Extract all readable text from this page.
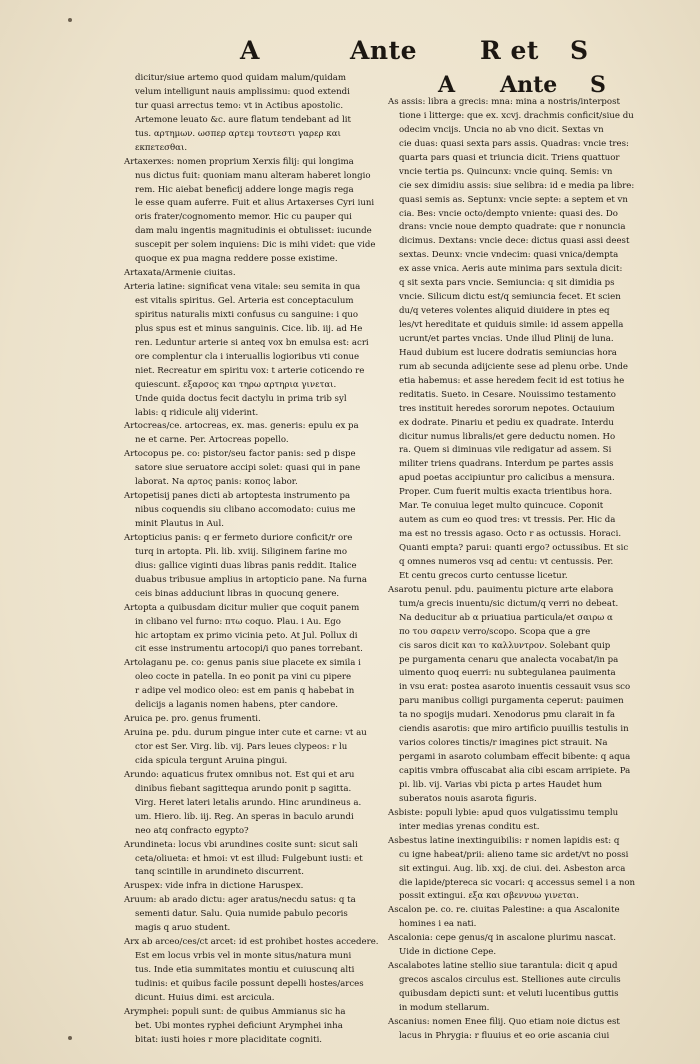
A	Ante	R et S
A Ante S
dicitur/siue artemo quod quidam malum/quidam
velum intelligunt nauis amplissimu: quod extendi
tur quasi arrectus temo: vt in Actibus apostolic.
Artemone leuato &c. aure flatum tendebant ad lit
tus. αρτημων. ωσπερ αρτεμ τουτεστι γαρερ και
εκπετεσθαι.
Artaxerxes: nomen proprium Xerxis filij: qui longima
nus dictus fuit: quoniam manu alteram haberet longio
rem. Hic aiebat beneficij addere longe magis rega
le esse quam auferre. Fuit et alius Artaxerses Cyri iuni
oris frater/cognomento memor. Hic cu pauper qui
dam malu ingentis magnitudinis ei obtulisset: iucunde
suscepit per solem inquiens: Dic is mihi videt: que vide
quoque ex pua magna reddere posse existime.
Artaxata/Armenie ciuitas.
Arteria latine: significat vena vitale: seu semita in qua
est vitalis spiritus. Gel. Arteria est conceptaculum
spiritus naturalis mixti confusus cu sanguine: i quo
plus spus est et minus sanguinis. Cice. lib. iij. ad He
ren. Leduntur arterie si anteq vox bn emulsa est: acri
ore complentur cla i interuallis logioribus vti conue
niet. Recreatur em spiritu vox: t arterie coticendo re
quiescunt. εξαρσος και τηρω αρτηρια γινεται.
Unde quida doctus fecit dactylu in prima trib syl
labis: q ridicule alij viderint.
Artocreas/ce. artocreas, ex. mas. generis: epulu ex pa
ne et carne. Per. Artocreas popello.
Artocopus pe. co: pistor/seu factor panis: sed p dispe
satore siue seruatore accipi solet: quasi qui in pane
laborat. Na αρτος panis: κοπος labor.
Artopetisij panes dicti ab artoptesta instrumento pa
nibus coquendis siu clibano accomodato: cuius me
minit Plautus in Aul.
Artopticius panis: q er fermeto duriore conficit/r ore
turq in artopta. Pli. lib. xviij. Siliginem farine mo
dius: gallice viginti duas libras panis reddit. Italice
duabus tribusue amplius in artopticio pane. Na furna
ceis binas adduciunt libras in quocunq genere.
Artopta a quibusdam dicitur mulier que coquit panem
in clibano vel furno: πτω coquo. Plau. i Au. Ego
hic artoptam ex primo vicinia peto. At Jul. Pollux di
cit esse instrumentu artocopi/i quo panes torrebant.
Artolaganu pe. co: genus panis siue placete ex simila i
oleo cocte in patella. In eo ponit pa vini cu pipere
r adipe vel modico oleo: est em panis q habebat in
delicijs a laganis nomen habens, pter candore.
Aruica pe. pro. genus frumenti.
Aruina pe. pdu. durum pingue inter cute et carne: vt au
ctor est Ser. Virg. lib. vij. Pars leues clypeos: r lu
cida spicula tergunt Aruina pingui.
Arundo: aquaticus frutex omnibus not. Est qui et aru
dinibus fiebant sagittequa arundo ponit p sagitta.
Virg. Heret lateri letalis arundo. Hinc arundineus a.
um. Hiero. lib. iij. Reg. An speras in baculo arundi
neo atq confracto egypto?
Arundineta: locus vbi arundines cosite sunt: sicut sali
ceta/oliueta: et hmoi: vt est illud: Fulgebunt iusti: et
tanq scintille in arundineto discurrent.
Aruspex: vide infra in dictione Haruspex.
Aruum: ab arado dictu: ager aratus/necdu satus: q ta
sementi datur. Salu. Quia numide pabulo pecoris
magis q aruo student.
Arx ab arceo/ces/ct arcet: id est prohibet hostes accedere.
Est em locus vrbis vel in monte situs/natura muni
tus. Inde etia summitates montiu et cuiuscunq alti
tudinis: et quibus facile possunt depelli hostes/arces
dicunt. Huius dimi. est arcicula.
Arymphei: populi sunt: de quibus Ammianus sic ha
bet. Ubi montes ryphei deficiunt Arymphei inha
bitat: iusti hoies r more placiditate cogniti.
As assis: libra a grecis: mna: mina a nostris/interpost
tione i litterge: que ex. xcvj. drachmis conficit/siue du
odecim vncijs. Uncia no ab vno dicit. Sextas vn
cie duas: quasi sexta pars assis. Quadras: vncie tres:
quarta pars quasi et triuncia dicit. Triens quattuor
vncie tertia ps. Quincunx: vncie quinq. Semis: vn
cie sex dimidiu assis: siue selibra: id e media pa libre:
quasi semis as. Septunx: vncie septe: a septem et vn
cia. Bes: vncie octo/dempto vniente: quasi des. Do
drans: vncie noue dempto quadrate: que r nonuncia
dicimus. Dextans: vncie dece: dictus quasi assi deest
sextas. Deunx: vncie vndecim: quasi vnica/dempta
ex asse vnica. Aeris aute minima pars sextula dicit:
q sit sexta pars vncie. Semiuncia: q sit dimidia ps
vncie. Silicum dictu est/q semiuncia fecet. Et scien
du/q veteres volentes aliquid diuidere in ptes eq
les/vt hereditate et quiduis simile: id assem appella
ucrunt/et partes vncias. Unde illud Plinij de luna.
Haud dubium est lucere dodratis semiuncias hora
rum ab secunda adijciente sese ad plenu orbe. Unde
etia habemus: et asse heredem fecit id est totius he
reditatis. Sueto. in Cesare. Nouissimo testamento
tres instituit heredes sororum nepotes. Octauium
ex dodrate. Pinariu et pediu ex quadrate. Interdu
dicitur numus libralis/et gere deductu nomen. Ho
ra. Quem si diminuas vile redigatur ad assem. Si
militer triens quadrans. Interdum pe partes assis
apud poetas accipiuntur pro calicibus a mensura.
Proper. Cum fuerit multis exacta trientibus hora.
Mar. Te conuiua leget multo quincuce. Coponit
autem as cum eo quod tres: vt tressis. Per. Hic da
ma est no tressis agaso. Octo r as octussis. Horaci.
Quanti empta? parui: quanti ergo? octussibus. Et sic
q omnes numeros vsq ad centu: vt centussis. Per.
Et centu grecos curto centusse licetur.
Asarotu penul. pdu. pauimentu picture arte elabora
tum/a grecis inuentu/sic dictum/q verri no debeat.
Na deducitur ab α priuatiua particula/et σαιρω α
πο του σαρειν verro/scopo. Scopa que a gre
cis saros dicit και το καλλυντρον. Solebant quip
pe purgamenta cenaru que analecta vocabat/in pa
uimento quoq euerri: nu subtegulanea pauimenta
in vsu erat: postea asaroto inuentis cessauit vsus sco
paru manibus colligi purgamenta ceperut: pauimen
ta no spogijs mudari. Xenodorus pmu clarait in fa
ciendis asarotis: que miro artificio puuillis testulis in
varios colores tinctis/r imagines pict strauit. Na
pergami in asaroto columbam effecit bibente: q aqua
capitis vmbra offuscabat alia cibi escam arripiete. Pa
pi. lib. vij. Varias vbi picta p artes Haudet hum
suberatos nouis asarota figuris.
Asbiste: populi lybie: apud quos vulgatissimu templu
inter medias yrenas conditu est.
Asbestus latine inextinguibilis: r nomen lapidis est: q
cu igne habeat/prii: alieno tame sic ardet/vt no possi
sit extingui. Aug. lib. xxj. de ciui. dei. Asbeston arca
die lapide/ptereca sic vocari: q accessus semel i a non
possit extingui. εξα και σβεννυω γινεται.
Ascalon pe. co. re. ciuitas Palestine: a qua Ascalonite
homines i ea nati.
Ascalonia: cepe genus/q in ascalone plurimu nascat.
Uide in dictione Cepe.
Ascalabotes latine stellio siue tarantula: dicit q apud
grecos ascalos circulus est. Stelliones aute circulis
quibusdam depicti sunt: et veluti lucentibus guttis
in modum stellarum.
Ascanius: nomen Enee filij. Quo etiam noie dictus est
lacus in Phrygia: r fluuius et eo orie ascania ciui
